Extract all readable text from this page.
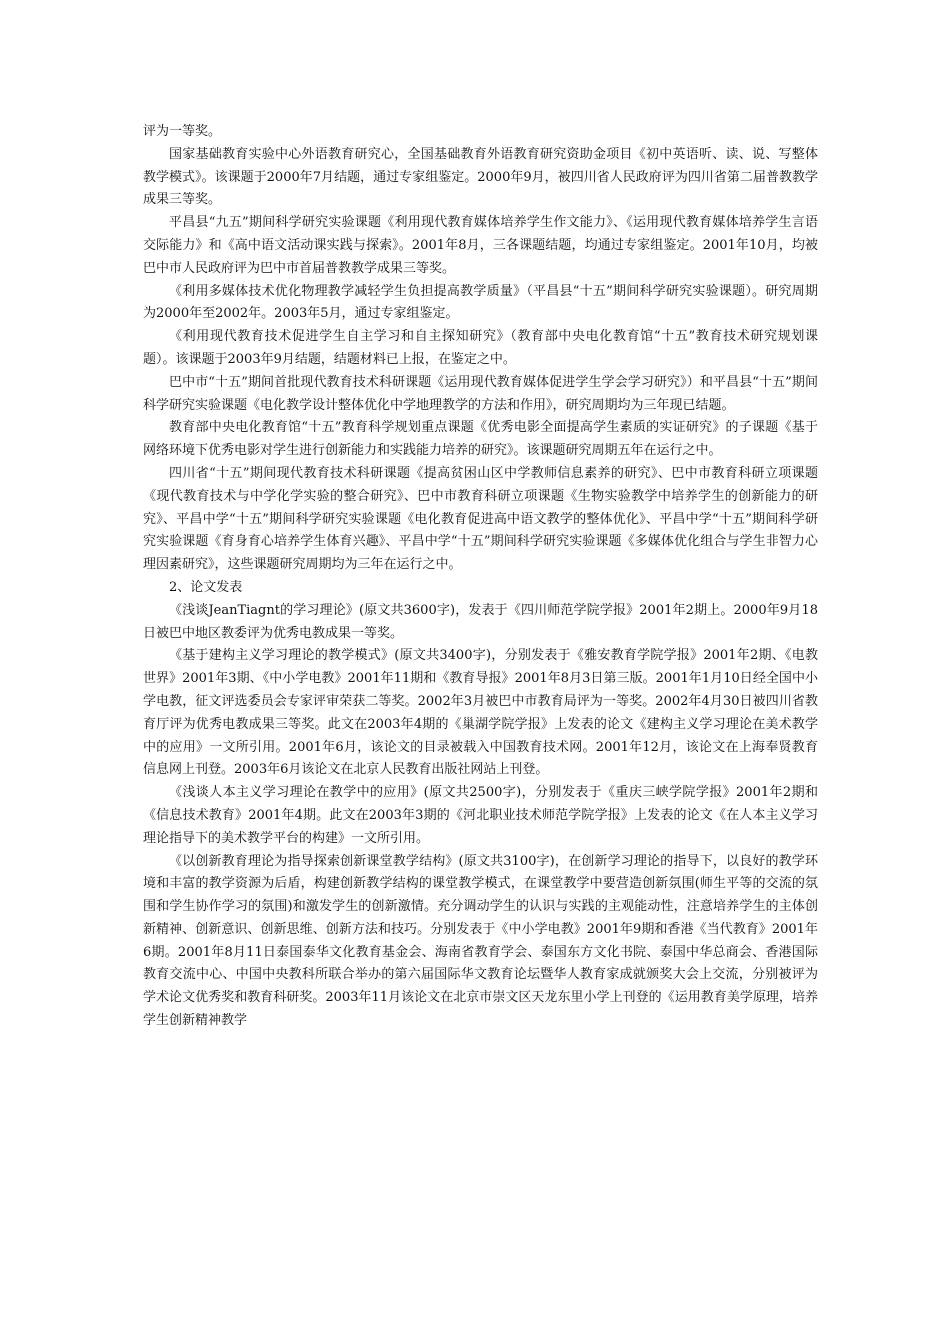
评为一等奖。

国家基础教育实验中心外语教育研究心，全国基础教育外语教育研究资助金项目《初中英语听、读、说、写整体教学模式》。该课题于2000年7月结题，通过专家组鉴定。2000年9月，被四川省人民政府评为四川省第二届普教教学成果三等奖。

平昌县“九五”期间科学研究实验课题《利用现代教育媒体培养学生作文能力》、《运用现代教育媒体培养学生言语交际能力》和《高中语文活动课实践与探索》。2001年8月，三各课题结题，均通过专家组鉴定。2001年10月，均被巴中市人民政府评为巴中市首届普教教学成果三等奖。

《利用多媒体技术优化物理教学减轻学生负担提高教学质量》（平昌县“十五”期间科学研究实验课题）。研究周期为2000年至2002年。2003年5月，通过专家组鉴定。

《利用现代教育技术促进学生自主学习和自主探知研究》（教育部中央电化教育馆“十五”教育技术研究规划课题）。该课题于2003年9月结题，结题材料已上报，在鉴定之中。

巴中市“十五”期间首批现代教育技术科研课题《运用现代教育媒体促进学生学会学习研究》）和平昌县“十五”期间科学研究实验课题《电化教学设计整体优化中学地理教学的方法和作用》，研究周期均为三年现已结题。

教育部中央电化教育馆“十五”教育科学规划重点课题《优秀电影全面提高学生素质的实证研究》的子课题《基于网络环境下优秀电影对学生进行创新能力和实践能力培养的研究》。该课题研究周期五年在运行之中。

四川省“十五”期间现代教育技术科研课题《提高贫困山区中学教师信息素养的研究》、巴中市教育科研立项课题《现代教育技术与中学化学实验的整合研究》、巴中市教育科研立项课题《生物实验教学中培养学生的创新能力的研究》、平昌中学“十五”期间科学研究实验课题《电化教育促进高中语文教学的整体优化》、平昌中学“十五”期间科学研究实验课题《育身育心培养学生体育兴趣》、平昌中学“十五”期间科学研究实验课题《多媒体优化组合与学生非智力心理因素研究》，这些课题研究周期均为三年在运行之中。

2、论文发表

《浅谈JeanTiagnt的学习理论》(原文共3600字)，发表于《四川师范学院学报》2001年2期上。2000年9月18日被巴中地区教委评为优秀电教成果一等奖。

《基于建构主义学习理论的教学模式》(原文共3400字)，分别发表于《雅安教育学院学报》2001年2期、《电教世界》2001年3期、《中小学电教》2001年11期和《教育导报》2001年8月3日第三版。2001年1月10日经全国中小学电教，征文评选委员会专家评审荣获二等奖。2002年3月被巴中市教育局评为一等奖。2002年4月30日被四川省教育厅评为优秀电教成果三等奖。此文在2003年4期的《巢湖学院学报》上发表的论文《建构主义学习理论在美术教学中的应用》一文所引用。2001年6月，该论文的目录被载入中国教育技术网。2001年12月，该论文在上海奉贤教育信息网上刊登。2003年6月该论文在北京人民教育出版社网站上刊登。

《浅谈人本主义学习理论在教学中的应用》(原文共2500字)，分别发表于《重庆三峡学院学报》2001年2期和《信息技术教育》2001年4期。此文在2003年3期的《河北职业技术师范学院学报》上发表的论文《在人本主义学习理论指导下的美术教学平台的构建》一文所引用。

《以创新教育理论为指导探索创新课堂教学结构》(原文共3100字)，在创新学习理论的指导下，以良好的教学环境和丰富的教学资源为后盾，构建创新教学结构的课堂教学模式，在课堂教学中要营造创新氛围(师生平等的交流的氛围和学生协作学习的氛围)和激发学生的创新激情。充分调动学生的认识与实践的主观能动性，注意培养学生的主体创新精神、创新意识、创新思维、创新方法和技巧。分别发表于《中小学电教》2001年9期和香港《当代教育》2001年6期。2001年8月11日泰国泰华文化教育基金会、海南省教育学会、泰国东方文化书院、泰国中华总商会、香港国际教育交流中心、中国中央教科所联合举办的第六届国际华文教育论坛暨华人教育家成就颁奖大会上交流，分别被评为学术论文优秀奖和教育科研奖。2003年11月该论文在北京市崇文区天龙东里小学上刊登的《运用教育美学原理，培养学生创新精神教学
